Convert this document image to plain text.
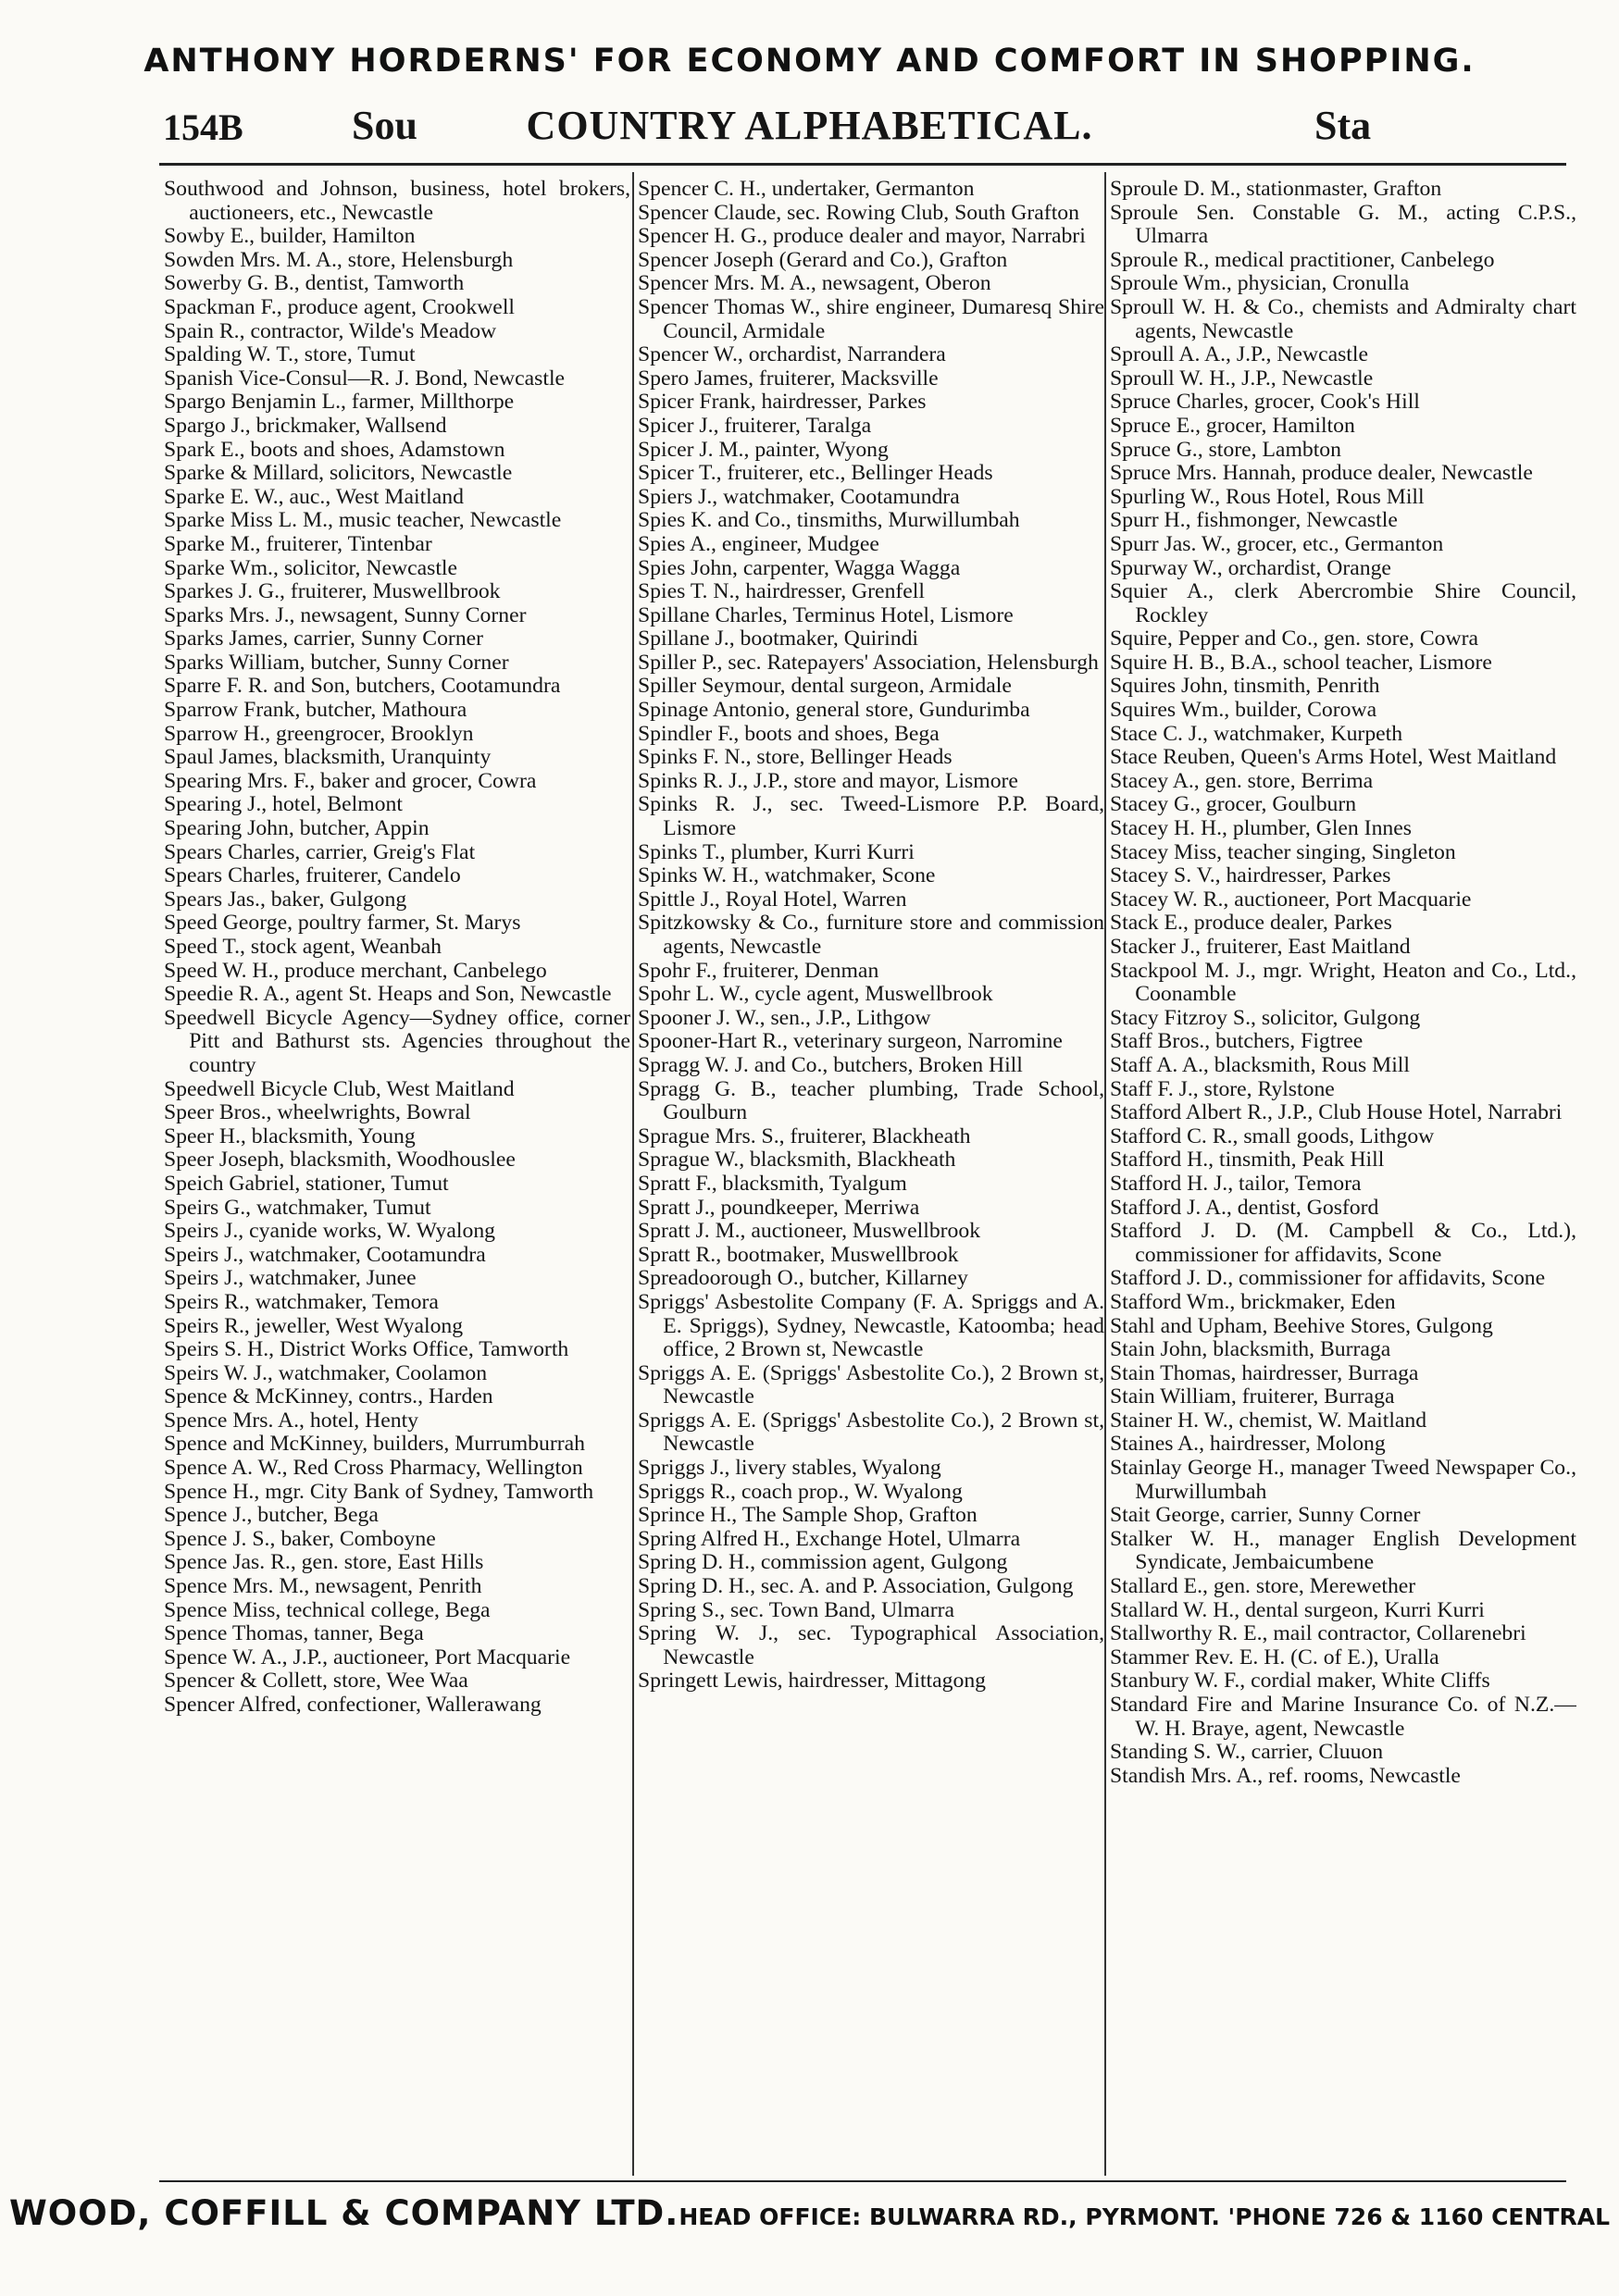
ANTHONY HORDERNS' FOR ECONOMY AND COMFORT IN SHOPPING.
COUNTRY ALPHABETICAL.
154B	Sou	Sta

Southwood and Johnson, business, hotel brokers, auctioneers, etc., Newcastle

Sowby E., builder, Hamilton

Sowden Mrs. M. A., store, Helensburgh

Sowerby G. B., dentist, Tamworth

Spackman F., produce agent, Crookwell

Spain R., contractor, Wilde's Meadow

Spalding W. T., store, Tumut

Spanish Vice-Consul—R. J. Bond, Newcastle

Spargo Benjamin L., farmer, Millthorpe

Spargo J., brickmaker, Wallsend

Spark E., boots and shoes, Adamstown

Sparke & Millard, solicitors, Newcastle

Sparke E. W., auc., West Maitland

Sparke Miss L. M., music teacher, Newcastle

Sparke M., fruiterer, Tintenbar

Sparke Wm., solicitor, Newcastle

Sparkes J. G., fruiterer, Muswellbrook

Sparks Mrs. J., newsagent, Sunny Corner

Sparks James, carrier, Sunny Corner

Sparks William, butcher, Sunny Corner

Sparre F. R. and Son, butchers, Cootamundra

Sparrow Frank, butcher, Mathoura

Sparrow H., greengrocer, Brooklyn

Spaul James, blacksmith, Uranquinty

Spearing Mrs. F., baker and grocer, Cowra

Spearing J., hotel, Belmont

Spearing John, butcher, Appin

Spears Charles, carrier, Greig's Flat

Spears Charles, fruiterer, Candelo

Spears Jas., baker, Gulgong

Speed George, poultry farmer, St. Marys

Speed T., stock agent, Weanbah

Speed W. H., produce merchant, Canbelego

Speedie R. A., agent St. Heaps and Son, Newcastle

Speedwell Bicycle Agency—Sydney office, corner Pitt and Bathurst sts. Agencies throughout the country

Speedwell Bicycle Club, West Maitland

Speer Bros., wheelwrights, Bowral

Speer H., blacksmith, Young

Speer Joseph, blacksmith, Woodhouslee

Speich Gabriel, stationer, Tumut

Speirs G., watchmaker, Tumut

Speirs J., cyanide works, W. Wyalong

Speirs J., watchmaker, Cootamundra

Speirs J., watchmaker, Junee

Speirs R., watchmaker, Temora

Speirs R., jeweller, West Wyalong

Speirs S. H., District Works Office, Tamworth

Speirs W. J., watchmaker, Coolamon

Spence & McKinney, contrs., Harden

Spence Mrs. A., hotel, Henty

Spence and McKinney, builders, Murrumburrah

Spence A. W., Red Cross Pharmacy, Wellington

Spence H., mgr. City Bank of Sydney, Tamworth

Spence J., butcher, Bega

Spence J. S., baker, Comboyne

Spence Jas. R., gen. store, East Hills

Spence Mrs. M., newsagent, Penrith

Spence Miss, technical college, Bega

Spence Thomas, tanner, Bega

Spence W. A., J.P., auctioneer, Port Macquarie

Spencer & Collett, store, Wee Waa

Spencer Alfred, confectioner, Wallerawang

Spencer C. H., undertaker, Germanton

Spencer Claude, sec. Rowing Club, South Grafton

Spencer H. G., produce dealer and mayor, Narrabri

Spencer Joseph (Gerard and Co.), Grafton

Spencer Mrs. M. A., newsagent, Oberon

Spencer Thomas W., shire engineer, Dumaresq Shire Council, Armidale

Spencer W., orchardist, Narrandera

Spero James, fruiterer, Macksville

Spicer Frank, hairdresser, Parkes

Spicer J., fruiterer, Taralga

Spicer J. M., painter, Wyong

Spicer T., fruiterer, etc., Bellinger Heads

Spiers J., watchmaker, Cootamundra

Spies K. and Co., tinsmiths, Murwillumbah

Spies A., engineer, Mudgee

Spies John, carpenter, Wagga Wagga

Spies T. N., hairdresser, Grenfell

Spillane Charles, Terminus Hotel, Lismore

Spillane J., bootmaker, Quirindi

Spiller P., sec. Ratepayers' Association, Helensburgh

Spiller Seymour, dental surgeon, Armidale

Spinage Antonio, general store, Gundurimba

Spindler F., boots and shoes, Bega

Spinks F. N., store, Bellinger Heads

Spinks R. J., J.P., store and mayor, Lismore

Spinks R. J., sec. Tweed-Lismore P.P. Board, Lismore

Spinks T., plumber, Kurri Kurri

Spinks W. H., watchmaker, Scone

Spittle J., Royal Hotel, Warren

Spitzkowsky & Co., furniture store and commission agents, Newcastle

Spohr F., fruiterer, Denman

Spohr L. W., cycle agent, Muswellbrook

Spooner J. W., sen., J.P., Lithgow

Spooner-Hart R., veterinary surgeon, Narromine

Spragg W. J. and Co., butchers, Broken Hill

Spragg G. B., teacher plumbing, Trade School, Goulburn

Sprague Mrs. S., fruiterer, Blackheath

Sprague W., blacksmith, Blackheath

Spratt F., blacksmith, Tyalgum

Spratt J., poundkeeper, Merriwa

Spratt J. M., auctioneer, Muswellbrook

Spratt R., bootmaker, Muswellbrook

Spreadoorough O., butcher, Killarney

Spriggs' Asbestolite Company (F. A. Spriggs and A. E. Spriggs), Sydney, Newcastle, Katoomba; head office, 2 Brown st, Newcastle

Spriggs A. E. (Spriggs' Asbestolite Co.), 2 Brown st, Newcastle

Spriggs A. E. (Spriggs' Asbestolite Co.), 2 Brown st, Newcastle

Spriggs J., livery stables, Wyalong

Spriggs R., coach prop., W. Wyalong

Sprince H., The Sample Shop, Grafton

Spring Alfred H., Exchange Hotel, Ulmarra

Spring D. H., commission agent, Gulgong

Spring D. H., sec. A. and P. Association, Gulgong

Spring S., sec. Town Band, Ulmarra

Spring W. J., sec. Typographical Association, Newcastle

Springett Lewis, hairdresser, Mittagong

Sproule D. M., stationmaster, Grafton

Sproule Sen. Constable G. M., acting C.P.S., Ulmarra

Sproule R., medical practitioner, Canbelego

Sproule Wm., physician, Cronulla

Sproull W. H. & Co., chemists and Admiralty chart agents, Newcastle

Sproull A. A., J.P., Newcastle

Sproull W. H., J.P., Newcastle

Spruce Charles, grocer, Cook's Hill

Spruce E., grocer, Hamilton

Spruce G., store, Lambton

Spruce Mrs. Hannah, produce dealer, Newcastle

Spurling W., Rous Hotel, Rous Mill

Spurr H., fishmonger, Newcastle

Spurr Jas. W., grocer, etc., Germanton

Spurway W., orchardist, Orange

Squier A., clerk Abercrombie Shire Council, Rockley

Squire, Pepper and Co., gen. store, Cowra

Squire H. B., B.A., school teacher, Lismore

Squires John, tinsmith, Penrith

Squires Wm., builder, Corowa

Stace C. J., watchmaker, Kurpeth

Stace Reuben, Queen's Arms Hotel, West Maitland

Stacey A., gen. store, Berrima

Stacey G., grocer, Goulburn

Stacey H. H., plumber, Glen Innes

Stacey Miss, teacher singing, Singleton

Stacey S. V., hairdresser, Parkes

Stacey W. R., auctioneer, Port Macquarie

Stack E., produce dealer, Parkes

Stacker J., fruiterer, East Maitland

Stackpool M. J., mgr. Wright, Heaton and Co., Ltd., Coonamble

Stacy Fitzroy S., solicitor, Gulgong

Staff Bros., butchers, Figtree

Staff A. A., blacksmith, Rous Mill

Staff F. J., store, Rylstone

Stafford Albert R., J.P., Club House Hotel, Narrabri

Stafford C. R., small goods, Lithgow

Stafford H., tinsmith, Peak Hill

Stafford H. J., tailor, Temora

Stafford J. A., dentist, Gosford

Stafford J. D. (M. Campbell & Co., Ltd.), commissioner for affidavits, Scone

Stafford J. D., commissioner for affidavits, Scone

Stafford Wm., brickmaker, Eden

Stahl and Upham, Beehive Stores, Gulgong

Stain John, blacksmith, Burraga

Stain Thomas, hairdresser, Burraga

Stain William, fruiterer, Burraga

Stainer H. W., chemist, W. Maitland

Staines A., hairdresser, Molong

Stainlay George H., manager Tweed Newspaper Co., Murwillumbah

Stait George, carrier, Sunny Corner

Stalker W. H., manager English Development Syndicate, Jembaicumbene

Stallard E., gen. store, Merewether

Stallard W. H., dental surgeon, Kurri Kurri

Stallworthy R. E., mail contractor, Collarenebri

Stammer Rev. E. H. (C. of E.), Uralla

Stanbury W. F., cordial maker, White Cliffs

Standard Fire and Marine Insurance Co. of N.Z.—W. H. Braye, agent, Newcastle

Standing S. W., carrier, Cluuon

Standish Mrs. A., ref. rooms, Newcastle

WOOD, COFFILL & COMPANY LTD.HEAD OFFICE: BULWARRA RD., PYRMONT. 'PHONE 726 & 1160 CENTRAL
